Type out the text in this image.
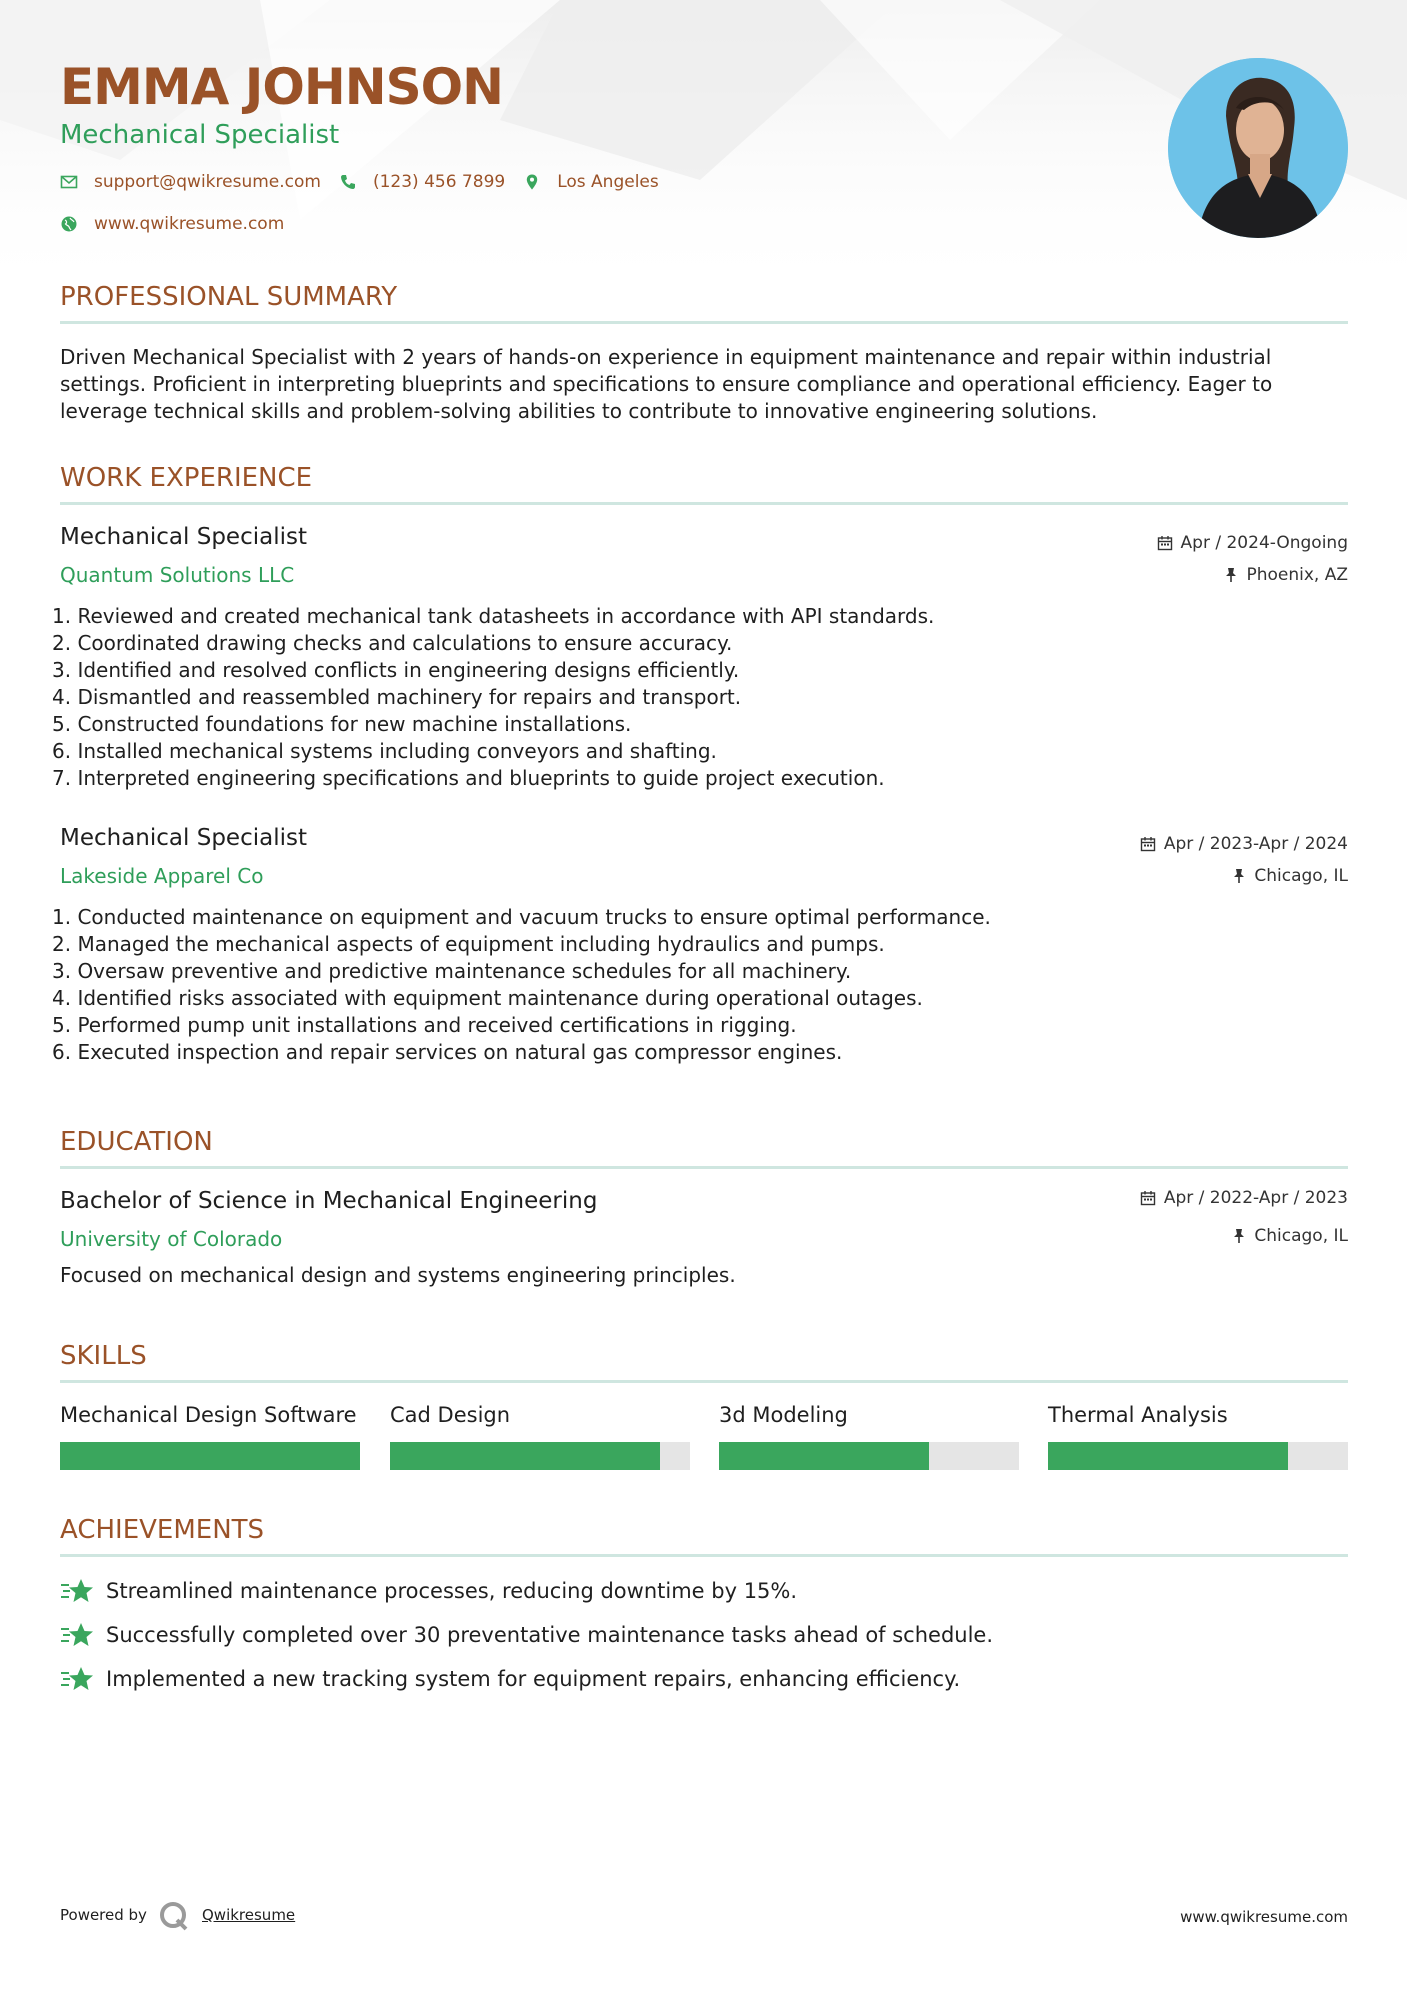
EMMA JOHNSON
Mechanical Specialist
support@qwikresume.com	(123) 456 7899	Los Angeles
www.qwikresume.com
PROFESSIONAL SUMMARY
Driven Mechanical Specialist with 2 years of hands-on experience in equipment maintenance and repair within industrial
settings. Proficient in interpreting blueprints and specifications to ensure compliance and operational efficiency. Eager to
leverage technical skills and problem-solving abilities to contribute to innovative engineering solutions.
WORK EXPERIENCE
Mechanical Specialist
Quantum Solutions LLC
Apr / 2024-Ongoing
Phoenix, AZ
1. Reviewed and created mechanical tank datasheets in accordance with API standards.
2. Coordinated drawing checks and calculations to ensure accuracy.
3. Identified and resolved conflicts in engineering designs efficiently.
4. Dismantled and reassembled machinery for repairs and transport.
5. Constructed foundations for new machine installations.
6. Installed mechanical systems including conveyors and shafting.
7. Interpreted engineering specifications and blueprints to guide project execution.
Mechanical Specialist
Lakeside Apparel Co
Apr / 2023-Apr / 2024
Chicago, IL
1. Conducted maintenance on equipment and vacuum trucks to ensure optimal performance.
2. Managed the mechanical aspects of equipment including hydraulics and pumps.
3. Oversaw preventive and predictive maintenance schedules for all machinery.
4. Identified risks associated with equipment maintenance during operational outages.
5. Performed pump unit installations and received certifications in rigging.
6. Executed inspection and repair services on natural gas compressor engines.
EDUCATION
Bachelor of Science in Mechanical Engineering
University of Colorado
Apr / 2022-Apr / 2023
Chicago, IL
Focused on mechanical design and systems engineering principles.
SKILLS
Mechanical Design Software Cad Design	3d Modeling	Thermal Analysis
ACHIEVEMENTS
Streamlined maintenance processes, reducing downtime by 15%.
Successfully completed over 30 preventative maintenance tasks ahead of schedule.
Implemented a new tracking system for equipment repairs, enhancing efficiency.
Powered by	Qwikresume	www.qwikresume.com
